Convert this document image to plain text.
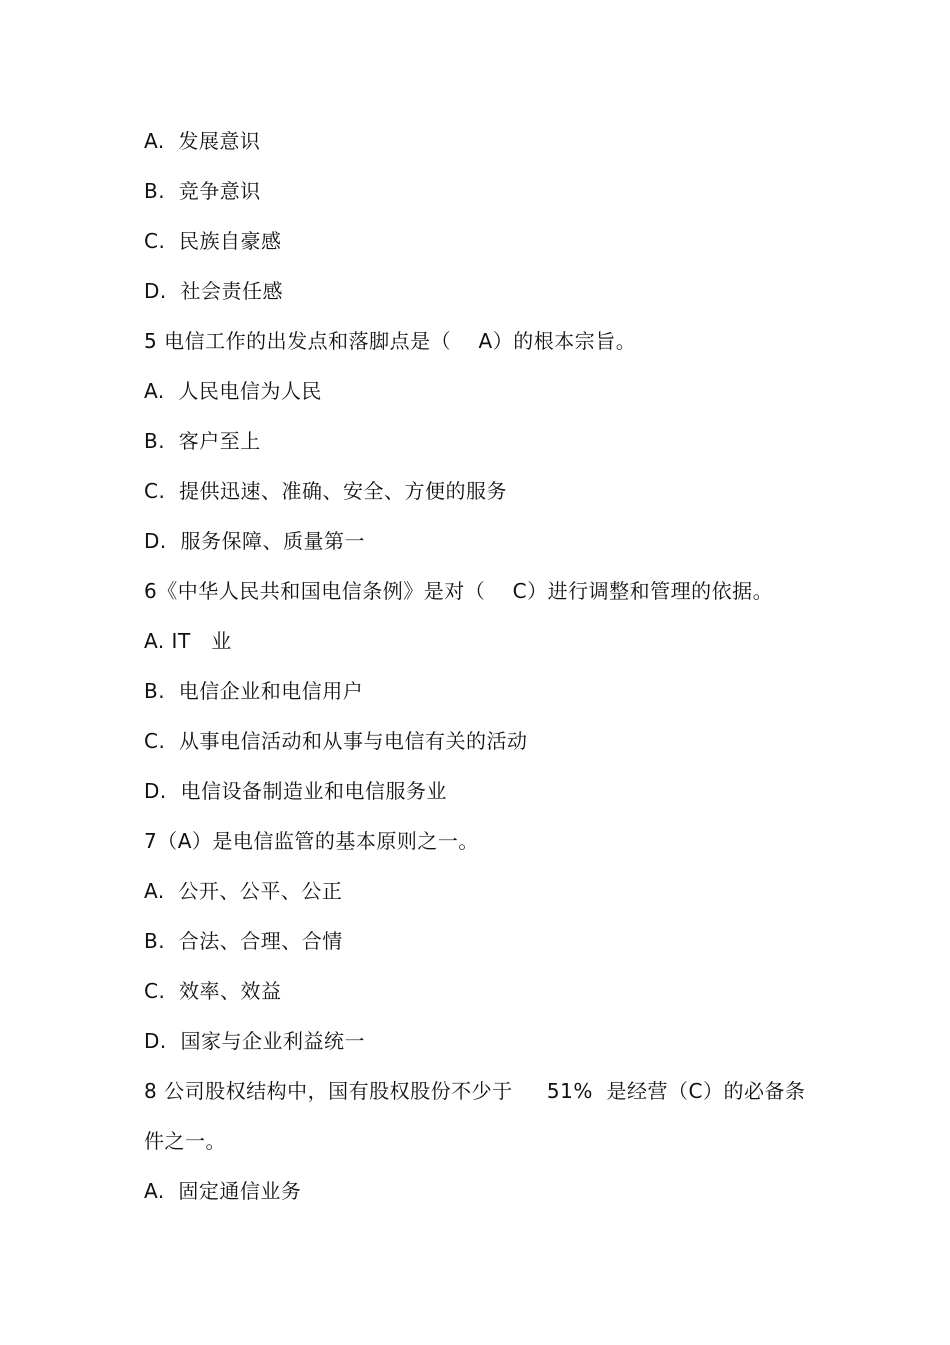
A.  发展意识
B.  竞争意识
C.  民族自豪感
D.  社会责任感
5 电信工作的出发点和落脚点是（    A）的根本宗旨。
A.  人民电信为人民
B.  客户至上
C.  提供迅速、准确、安全、方便的服务
D.  服务保障、质量第一
6《中华人民共和国电信条例》是对（    C）进行调整和管理的依据。
A. IT   业
B.  电信企业和电信用户
C.  从事电信活动和从事与电信有关的活动
D.  电信设备制造业和电信服务业
7（A）是电信监管的基本原则之一。
A.  公开、公平、公正
B.  合法、合理、合情
C.  效率、效益
D.  国家与企业利益统一
8 公司股权结构中，国有股权股份不少于     51%  是经营（C）的必备条
件之一。
A.  固定通信业务
